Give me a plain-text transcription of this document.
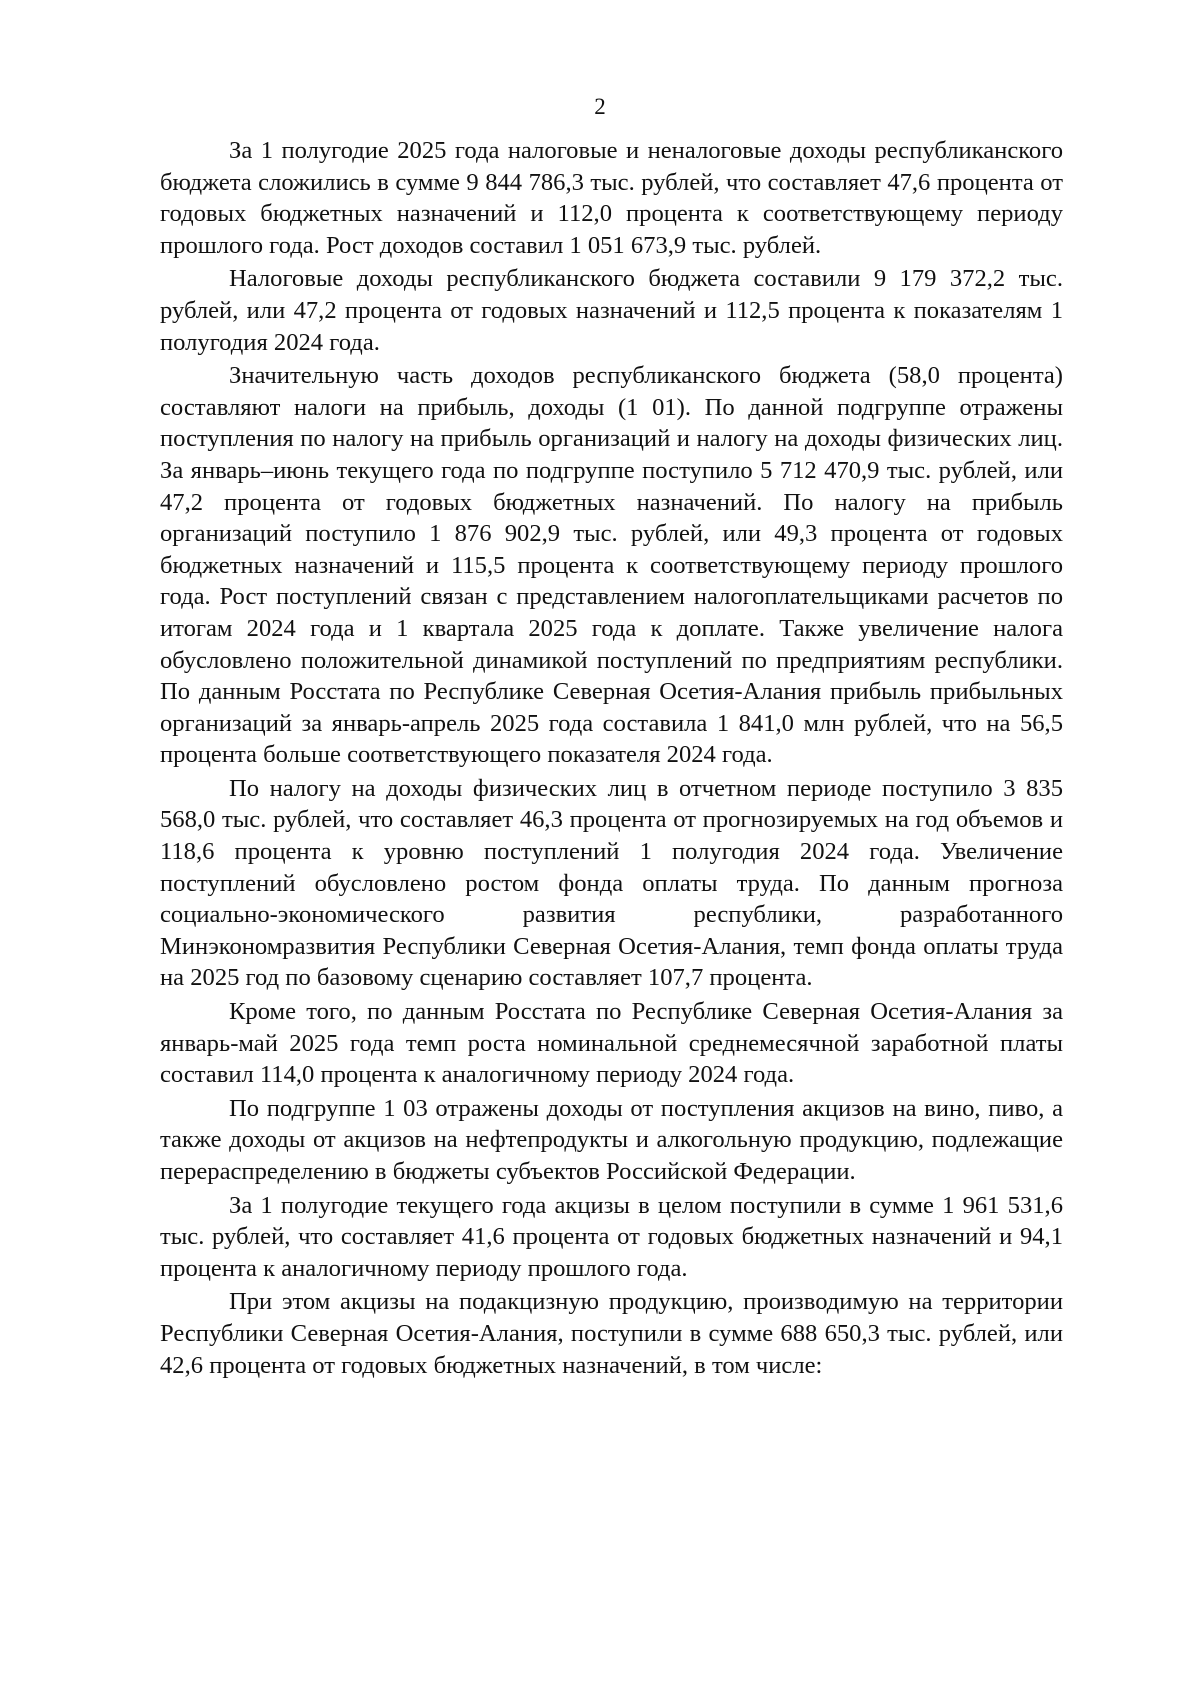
2

За 1 полугодие 2025 года налоговые и неналоговые доходы республиканского бюджета сложились в сумме 9 844 786,3 тыс. рублей, что составляет 47,6 процента от годовых бюджетных назначений и 112,0 процента к соответствующему периоду прошлого года. Рост доходов составил 1 051 673,9 тыс. рублей.

Налоговые доходы республиканского бюджета составили 9 179 372,2 тыс. рублей, или 47,2 процента от годовых назначений и 112,5 процента к показателям 1 полугодия 2024 года.

Значительную часть доходов республиканского бюджета (58,0 процента) составляют налоги на прибыль, доходы (1 01). По данной подгруппе отражены поступления по налогу на прибыль организаций и налогу на доходы физических лиц. За январь–июнь текущего года по подгруппе поступило 5 712 470,9 тыс. рублей, или 47,2 процента от годовых бюджетных назначений. По налогу на прибыль организаций поступило 1 876 902,9 тыс. рублей, или 49,3 процента от годовых бюджетных назначений и 115,5 процента к соответствующему периоду прошлого года. Рост поступлений связан с представлением налогоплательщиками расчетов по итогам 2024 года и 1 квартала 2025 года к доплате. Также увеличение налога обусловлено положительной динамикой поступлений по предприятиям республики. По данным Росстата по Республике Северная Осетия-Алания прибыль прибыльных организаций за январь-апрель 2025 года составила 1 841,0 млн рублей, что на 56,5 процента больше соответствующего показателя 2024 года.

По налогу на доходы физических лиц в отчетном периоде поступило 3 835 568,0 тыс. рублей, что составляет 46,3 процента от прогнозируемых на год объемов и 118,6 процента к уровню поступлений 1 полугодия 2024 года. Увеличение поступлений обусловлено ростом фонда оплаты труда. По данным прогноза социально-экономического развития республики, разработанного Минэкономразвития Республики Северная Осетия-Алания, темп фонда оплаты труда на 2025 год по базовому сценарию составляет 107,7 процента.

Кроме того, по данным Росстата по Республике Северная Осетия-Алания за январь-май 2025 года темп роста номинальной среднемесячной заработной платы составил 114,0 процента к аналогичному периоду 2024 года.

По подгруппе 1 03 отражены доходы от поступления акцизов на вино, пиво, а также доходы от акцизов на нефтепродукты и алкогольную продукцию, подлежащие перераспределению в бюджеты субъектов Российской Федерации.

За 1 полугодие текущего года акцизы в целом поступили в сумме 1 961 531,6 тыс. рублей, что составляет 41,6 процента от годовых бюджетных назначений и 94,1 процента к аналогичному периоду прошлого года.

При этом акцизы на подакцизную продукцию, производимую на территории Республики Северная Осетия-Алания, поступили в сумме 688 650,3 тыс. рублей, или 42,6 процента от годовых бюджетных назначений, в том числе:
